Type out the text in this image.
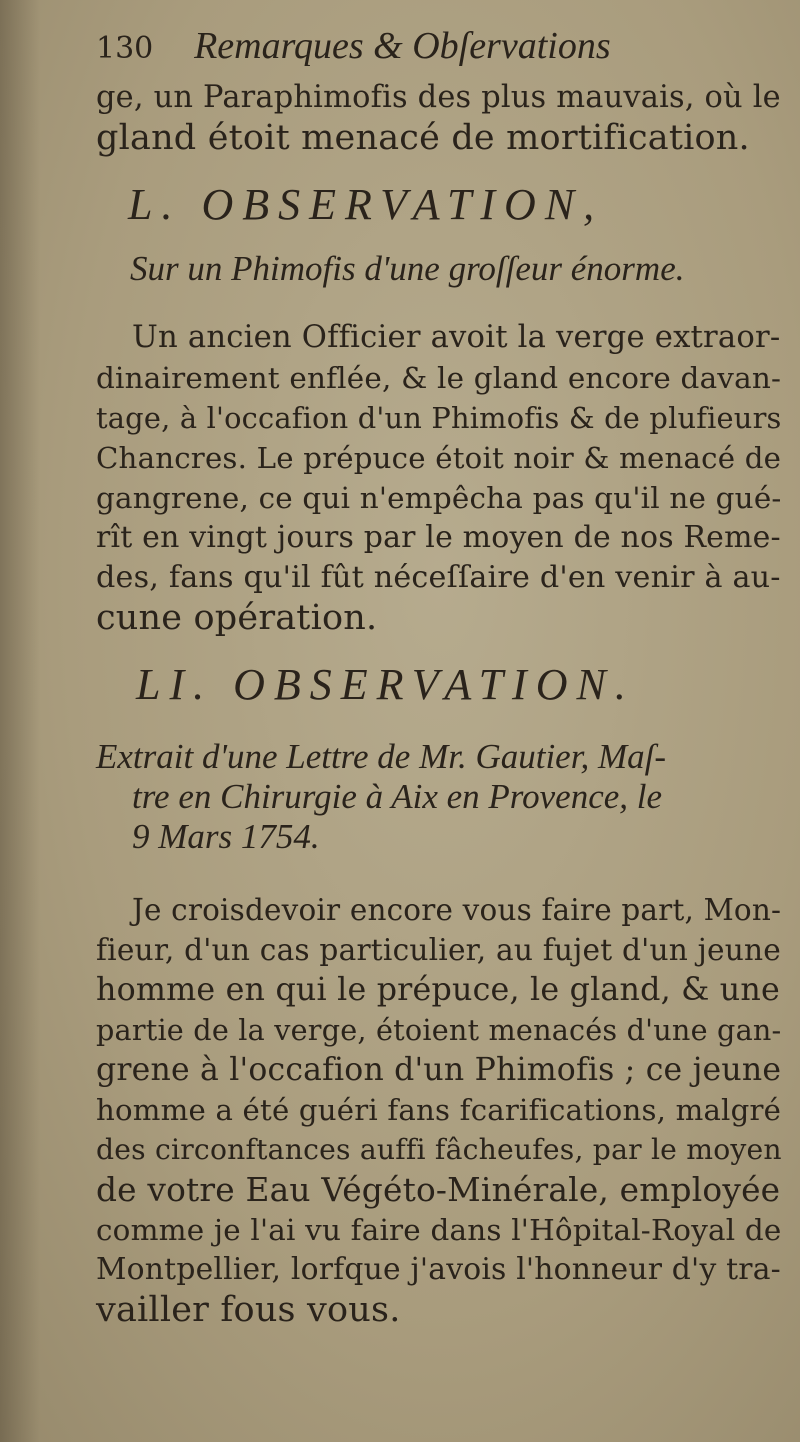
130 Remarques & Obſervations
ge, un Paraphimofis des plus mauvais, où le
gland étoit menacé de mortification.
L. OBSERVATION,
Sur un Phimofis d'une groſſeur énorme.
Un ancien Officier avoit la verge extraor-
dinairement enflée, & le gland encore davan-
tage, à l'occafion d'un Phimofis & de plufieurs
Chancres. Le prépuce étoit noir & menacé de
gangrene, ce qui n'empêcha pas qu'il ne gué-
rît en vingt jours par le moyen de nos Reme-
des, fans qu'il fût néceſſaire d'en venir à au-
cune opération.
LI. OBSERVATION.
Extrait d'une Lettre de Mr. Gautier, Maſ-
tre en Chirurgie à Aix en Provence, le
9 Mars 1754.
Je croisdevoir encore vous faire part, Mon-
fieur, d'un cas particulier, au fujet d'un jeune
homme en qui le prépuce, le gland, & une
partie de la verge, étoient menacés d'une gan-
grene à l'occafion d'un Phimofis ; ce jeune
homme a été guéri fans fcarifications, malgré
des circonftances auffi fâcheufes, par le moyen
de votre Eau Végéto-Minérale, employée
comme je l'ai vu faire dans l'Hôpital-Royal de
Montpellier, lorfque j'avois l'honneur d'y tra-
vailler fous vous.
